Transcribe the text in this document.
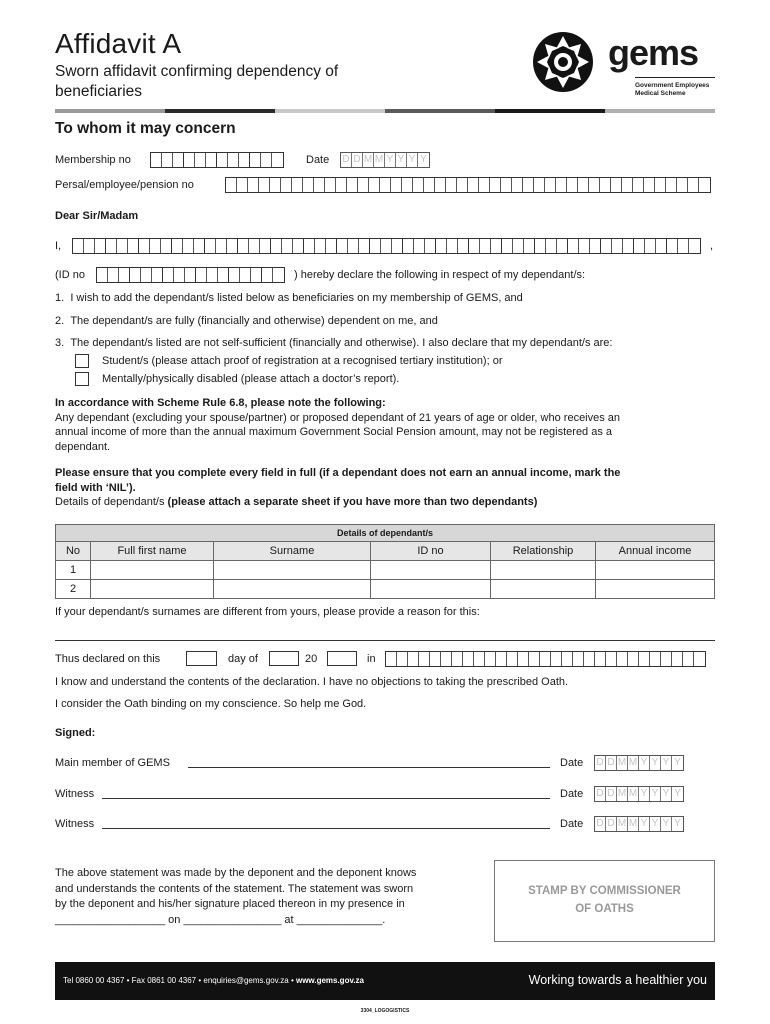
Affidavit A
Sworn affidavit confirming dependency of
beneficiaries
gems
Government Employees
Medical Scheme
To whom it may concern
Membership no	Date D D M M Y Y Y Y
Persal/employee/pension no
Dear Sir/Madam
I,	,
(ID no	) hereby declare the following in respect of my dependant/s:
1. I wish to add the dependant/s listed below as beneficiaries on my membership of GEMS, and
2. The dependant/s are fully (financially and otherwise) dependent on me, and
3. The dependant/s listed are not self-sufficient (financially and otherwise). I also declare that my dependant/s are:
Student/s (please attach proof of registration at a recognised tertiary institution); or
Mentally/physically disabled (please attach a doctor’s report).
In accordance with Scheme Rule 6.8, please note the following:
Any dependant (excluding your spouse/partner) or proposed dependant of 21 years of age or older, who receives an
annual income of more than the annual maximum Government Social Pension amount, may not be registered as a
dependant.
Please ensure that you complete every field in full (if a dependant does not earn an annual income, mark the
field with ‘NIL’).
Details of dependant/s (please attach a separate sheet if you have more than two dependants)
Details of dependant/s					
No	Full first name	Surname	ID no	Relationship	Annual income
1					
2					
If your dependant/s surnames are different from yours, please provide a reason for this:
Thus declared on this	day of	20	in
I know and understand the contents of the declaration. I have no objections to taking the prescribed Oath.
I consider the Oath binding on my conscience. So help me God.
Signed:
Main member of GEMS	Date D D M M Y Y Y Y
Witness	Date D D M M Y Y Y Y
Witness	Date D D M M Y Y Y Y
The above statement was made by the deponent and the deponent knows
and understands the contents of the statement. The statement was sworn
by the deponent and his/her signature placed thereon in my presence in
__________________ on ________________ at ______________.
STAMP BY COMMISSIONER
OF OATHS
Tel 0860 00 4367 • Fax 0861 00 4367 • enquiries@gems.gov.za • www.gems.gov.za	Working towards a healthier you
3304_LOGOGISTICS
